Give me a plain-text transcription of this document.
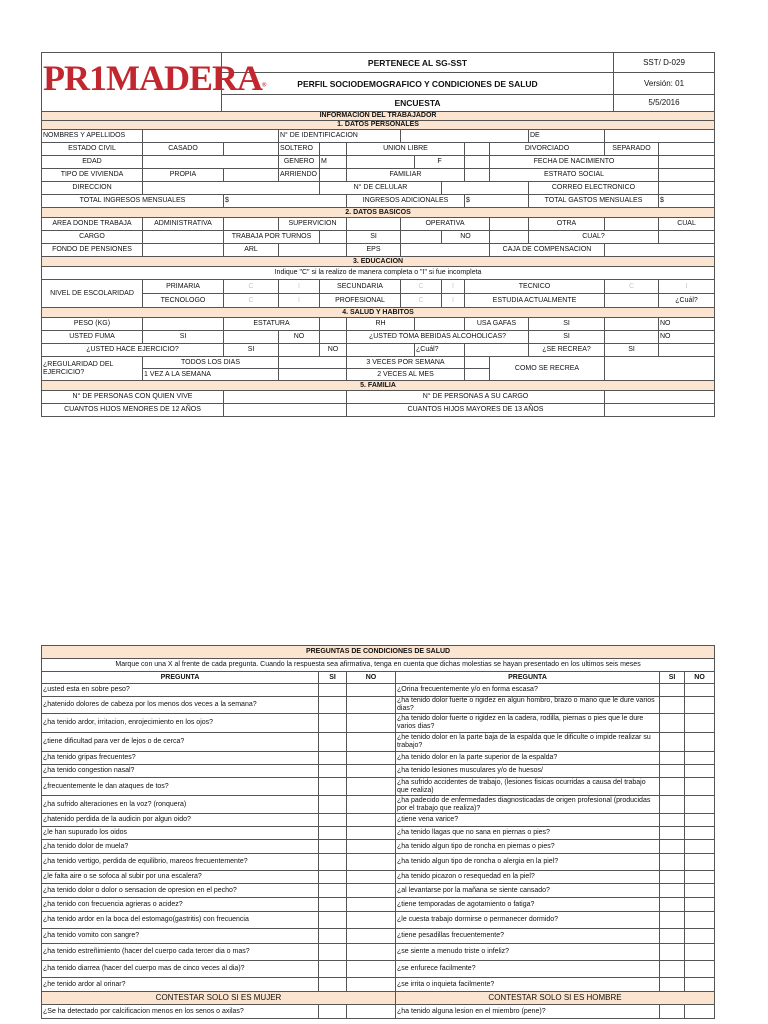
PR1MADERA®	PERTENECE AL SG-SST	SST/ D-029
	PERFIL SOCIODEMOGRAFICO Y CONDICIONES DE SALUD	Versión: 01
	ENCUESTA	5/5/2016
INFORMACION DEL TRABAJADOR													
1. DATOS PERSONALES													
NOMBRES Y APELLIDOS			N° DE IDENTIFICACION								DE		
ESTADO CIVIL	CASADO		SOLTERO		UNION LIBRE					DIVORCIADO		SEPARADO	
EDAD			GENERO	M			F			FECHA DE NACIMIENTO			
TIPO DE VIVIENDA	PROPIA		ARRIENDO		FAMILIAR					ESTRATO SOCIAL			
DIRECCION				N° DE CELULAR							CORREO ELECTRONICO		
TOTAL INGRESOS MENSUALES		$			INGRESOS ADICIONALES				$		TOTAL GASTOS MENSUALES		$
2. DATOS BASICOS													
AREA DONDE TRABAJA	ADMINISTRATIVA		SUPERVICION			OPERATIVA					OTRA		CUAL
CARGO		TRABAJA POR TURNOS			SI			NO			CUAL?		
FONDO DE PENSIONES		ARL			EPS					CAJA DE COMPENSACION			
3. EDUCACION													
Indique "C" si la realizo de manera completa o "I" si fue incompleta													
NIVEL DE ESCOLARIDAD	PRIMARIA	C	I	SECUNDARIA		C		I	TECNICO			C	I
	TECNOLOGO	C	I	PROFESIONAL		C		I	ESTUDIA ACTUALMENTE				¿Cuál?
4. SALUD Y HABITOS													
PESO (KG)		ESTATURA			RH				USA GAFAS		SI		NO
USTED FUMA	SI		NO		¿USTED TOMA BEBIDAS ALCOHOLICAS?						SI		NO
¿USTED HACE EJERCICIO?		SI		NO			¿Cuál?				¿SE RECREA?	SI	
¿REGULARIDAD DEL EJERCICIO?	TODOS LOS DIAS				3 VECES POR SEMANA					COMO SE RECREA			
	1 VEZ A LA SEMANA				2 VECES AL MES								
5. FAMILIA													
N° DE PERSONAS CON QUIEN VIVE					N° DE PERSONAS A SU CARGO								
CUANTOS HIJOS MENORES DE 12 AÑOS					CUANTOS HIJOS MAYORES DE 13 AÑOS								
PREGUNTAS DE CONDICIONES DE SALUD					
Marque con una X al frente de cada pregunta. Cuando la respuesta sea afirmativa, tenga en cuenta que dichas molestias se hayan presentado en los ultimos seis meses					
PREGUNTA	SI	NO	PREGUNTA	SI	NO
¿usted esta en sobre peso?			¿Orina frecuentemente y/o en forma escasa?		
¿hatenido dolores de cabeza por los menos dos veces a la semana?			¿ha tenido dolor fuerte o rigidez en algun hombro, brazo o mano que le dure varios dias?		
¿ha tenido ardor, irritacion, enrojecimiento en los ojos?			¿ha tenido dolor fuerte o rigidez en la cadera, rodilla, piernas o pies que le dure varios dias?		
¿tiene dificultad para ver de lejos o de cerca?			¿he tenido dolor en la parte baja de la espalda que le dificulte o impide realizar su trabajo?		
¿ha tenido gripas frecuentes?			¿ha tenido dolor en la parte superior de la espalda?		
¿ha tenido congestion nasal?			¿ha tenido lesiones musculares y/o de huesos/		
¿frecuentemente le dan ataques de tos?			¿ha sufrido accidentes de trabajo, (lesiones fisicas ocurridas a causa del trabajo que realiza)		
¿ha sufrido alteraciones en la voz? (ronquera)			¿ha padecido de enfermedades diagnosticadas de origen profesional (producidas por el trabajo que realiza)?		
¿hatenido perdida de la audicin por algun oido?			¿tiene vena varice?		
¿le han supurado los oidos			¿ha tenido llagas que no sana en piernas o pies?		
¿ha tenido dolor de muela?			¿ha tenido algun tipo de roncha en piernas o pies?		
¿ha tenido vertigo, perdida de equilibrio, mareos frecuentemente?			¿ha tenido algun tipo de roncha o alergia en la piel?		
¿le falta aire o se sofoca al subir por una escalera?			¿ha tenido picazon o resequedad en la piel?		
¿ha tenido dolor o dolor o sensacion de opresion en el pecho?			¿al levantarse por la mañana se siente cansado?		
¿ha tenido con frecuencia agrieras o acidez?			¿tiene temporadas de agotamiento o fatiga?		
¿ha tenido ardor en la boca del estomago(gastritis) con frecuencia			¿le cuesta trabajo dormirse o permanecer dormido?		
¿ha tenido vomito con sangre?			¿tiene pesadillas frecuentemente?		
¿ha tenido estreñimiento (hacer del cuerpo cada tercer dia o mas?			¿se siente a menudo triste o infeliz?		
¿ha tenido diarrea (hacer del cuerpo mas de cinco veces al dia)?			¿se enfurece facilmente?		
¿he tenido ardor al orinar?			¿se irrita o inquieta facilmente?		
CONTESTAR SOLO SI ES MUJER			CONTESTAR SOLO SI ES HOMBRE		
¿Se ha detectado por calcificacion menos en los senos o axilas?			¿ha tenido alguna lesion en el miembro (pene)?		
